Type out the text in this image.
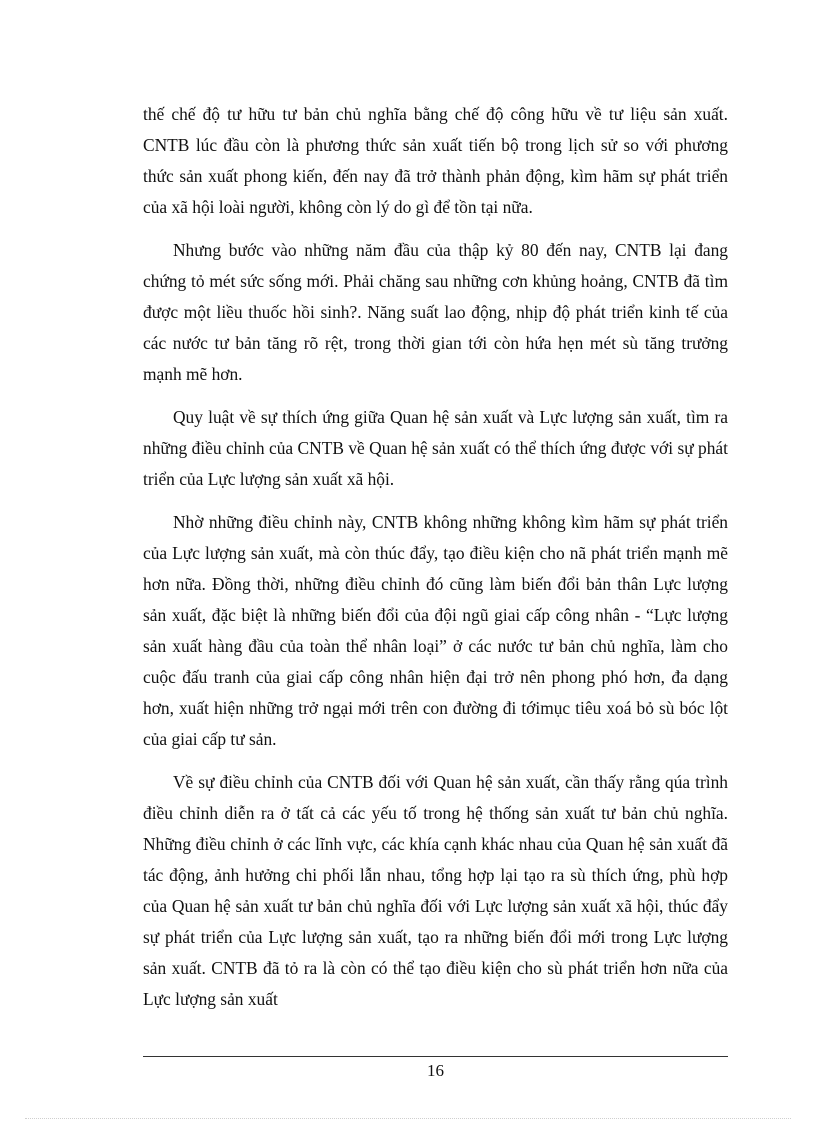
thế chế độ tư hữu tư bản chủ nghĩa bằng chế độ công hữu về tư liệu sản xuất. CNTB lúc đầu còn là phương thức sản xuất tiến bộ trong lịch sử so với phương thức sản xuất phong kiến, đến nay đã trở thành phản động, kìm hãm sự phát triển của xã hội loài người, không còn lý do gì để tồn tại nữa.

Nhưng bước vào những năm đầu của thập kỷ 80 đến nay, CNTB lại đang chứng tỏ mét sức sống mới. Phải chăng sau những cơn khủng hoảng, CNTB đã tìm được một liều thuốc hồi sinh?. Năng suất lao động, nhịp độ phát triển kinh tế của các nước tư bản tăng rõ rệt, trong thời gian tới còn hứa hẹn mét sù tăng trưởng mạnh mẽ hơn.

Quy luật về sự thích ứng giữa Quan hệ sản xuất và Lực lượng sản xuất, tìm ra những điều chỉnh của CNTB về Quan hệ sản xuất có thể thích ứng được với sự phát triển của Lực lượng sản xuất xã hội.

Nhờ những điều chỉnh này, CNTB không những không kìm hãm sự phát triển của Lực lượng sản xuất, mà còn thúc đẩy, tạo điều kiện cho nã phát triển mạnh mẽ hơn nữa. Đồng thời, những điều chỉnh đó cũng làm biến đổi bản thân Lực lượng sản xuất, đặc biệt là những biến đổi của đội ngũ giai cấp công nhân - “Lực lượng sản xuất hàng đầu của toàn thể nhân loại” ở các nước tư bản chủ nghĩa, làm cho cuộc đấu tranh của giai cấp công nhân hiện đại trở nên phong phó hơn, đa dạng hơn, xuất hiện những trở ngại mới trên con đường đi tớimục tiêu xoá bỏ sù bóc lột của giai cấp tư sản.

Về sự điều chỉnh của CNTB đối với Quan hệ sản xuất, cần thấy rằng qúa trình điều chỉnh diễn ra ở tất cả các yếu tố trong hệ thống sản xuất tư bản chủ nghĩa. Những điều chỉnh ở các lĩnh vực, các khía cạnh khác nhau của Quan hệ sản xuất đã tác động, ảnh hưởng chi phối lẫn nhau, tổng hợp lại tạo ra sù thích ứng, phù hợp của Quan hệ sản xuất tư bản chủ nghĩa đối với Lực lượng sản xuất xã hội, thúc đẩy sự phát triển của Lực lượng sản xuất, tạo ra những biến đổi mới trong Lực lượng sản xuất. CNTB đã tỏ ra là còn có thể tạo điều kiện cho sù phát triển hơn nữa của Lực lượng sản xuất

16
